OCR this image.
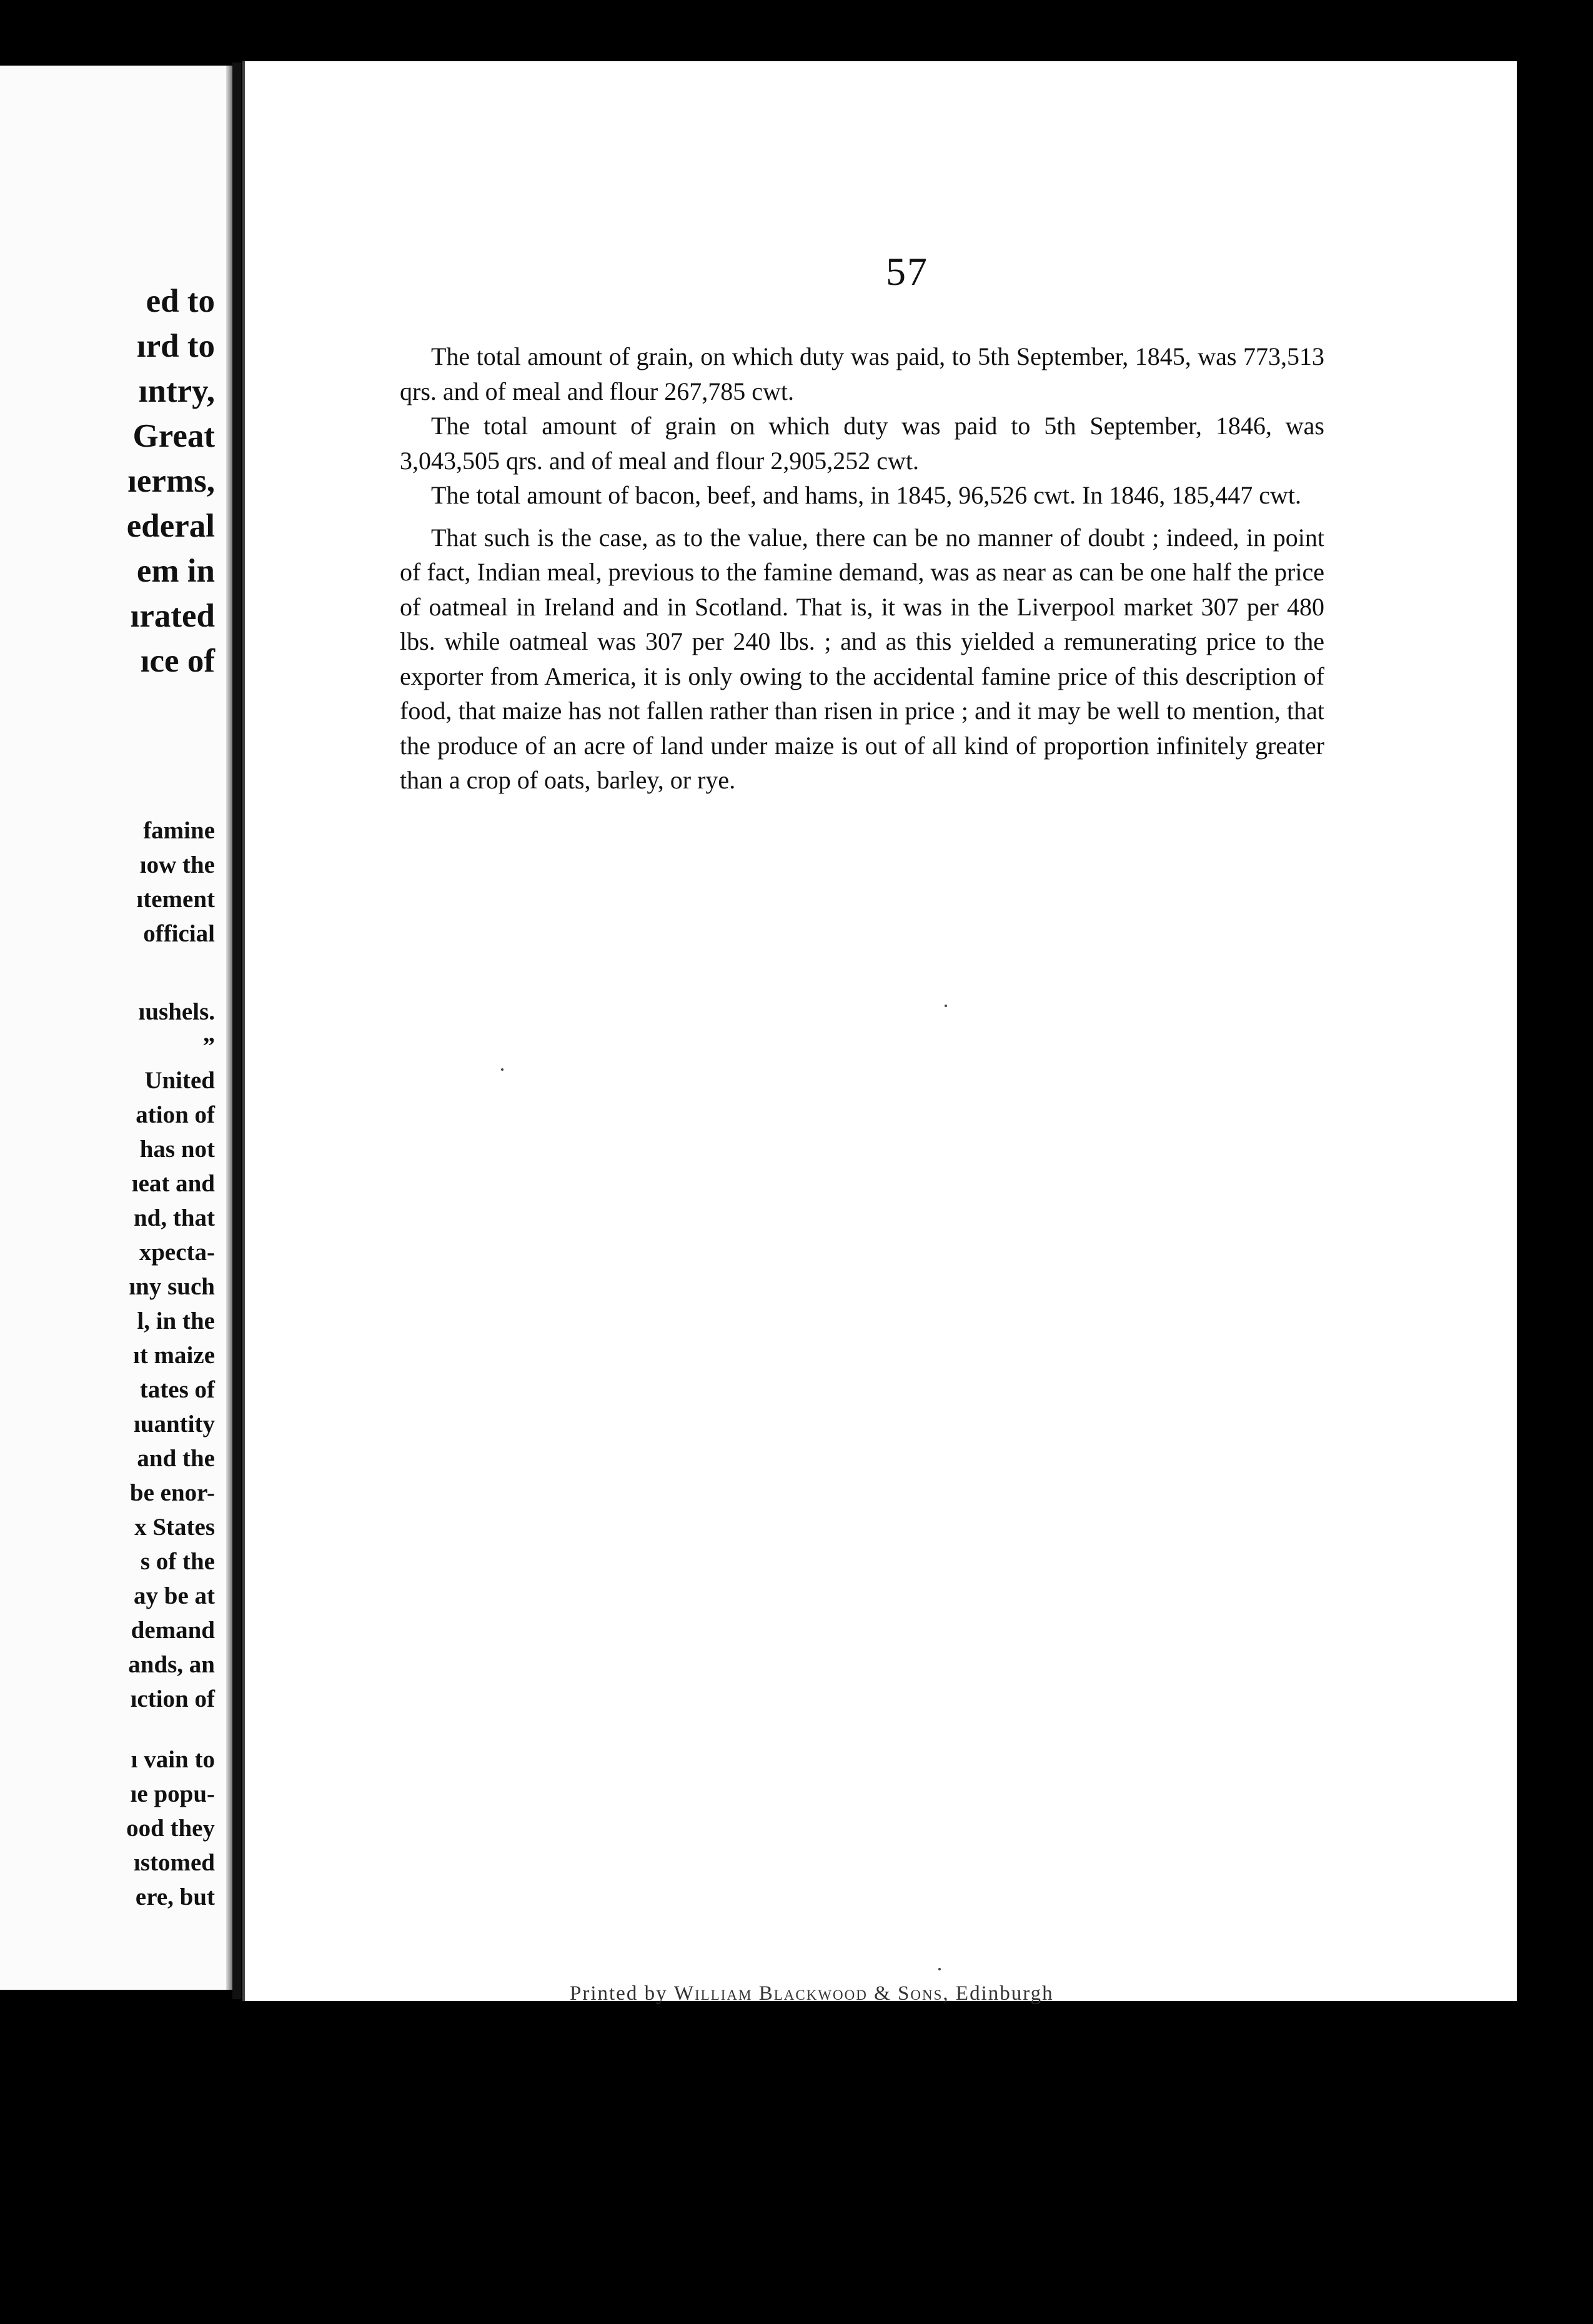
ed to
ırd to
ıntry,
Great
ıerms,
ederal
em in
ırated
ıce of
famine
ıow the
ıtement
official
ıushels.
”
United
ation of
has not
ıeat and
nd, that
xpecta-
ıny such
l, in the
ıt maize
tates of
ıuantity
and the
be enor-
x States
s of the
ay be at
demand
ands, an
ıction of
ı vain to
ıe popu-
ood they
ıstomed
ere, but
57

The total amount of grain, on which duty was paid, to 5th September, 1845, was 773,513 qrs. and of meal and flour 267,785 cwt.

The total amount of grain on which duty was paid to 5th September, 1846, was 3,043,505 qrs. and of meal and flour 2,905,252 cwt.

The total amount of bacon, beef, and hams, in 1845, 96,526 cwt. In 1846, 185,447 cwt.

That such is the case, as to the value, there can be no manner of doubt ; indeed, in point of fact, Indian meal, previous to the famine demand, was as near as can be one half the price of oatmeal in Ireland and in Scotland. That is, it was in the Liverpool market 307 per 480 lbs. while oatmeal was 307 per 240 lbs. ; and as this yielded a remunerating price to the exporter from America, it is only owing to the accidental famine price of this description of food, that maize has not fallen rather than risen in price ; and it may be well to mention, that the produce of an acre of land under maize is out of all kind of proportion infinitely greater than a crop of oats, barley, or rye.

Printed by William Blackwood & Sons, Edinburgh
